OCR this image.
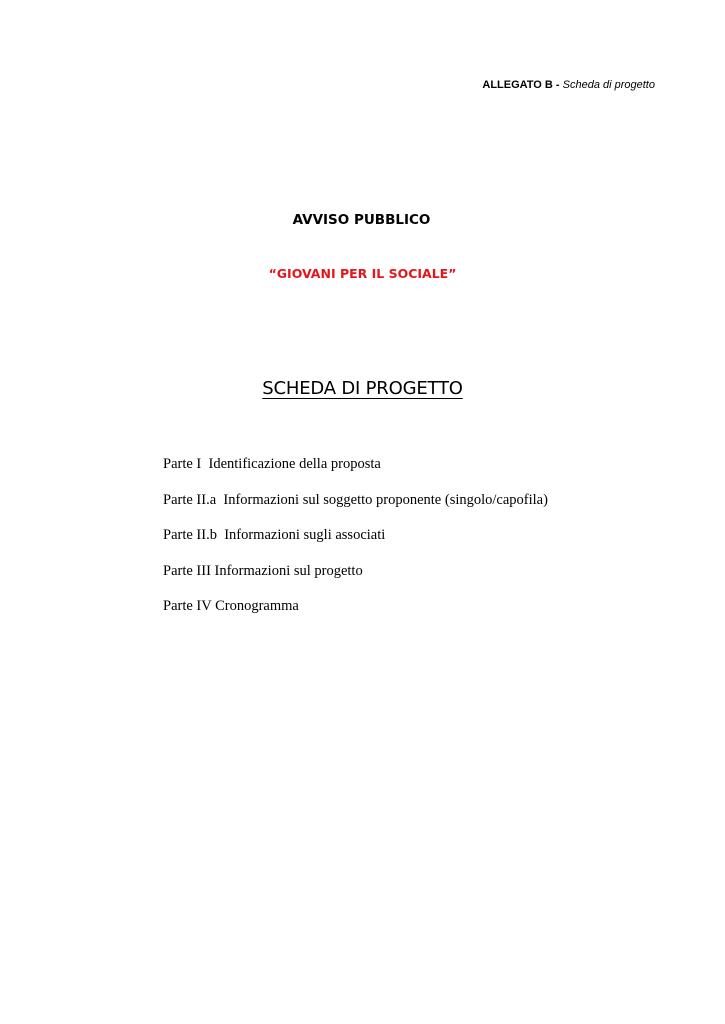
ALLEGATO B - Scheda di progetto
AVVISO PUBBLICO
“GIOVANI PER IL SOCIALE”
SCHEDA DI PROGETTO
Parte I  Identificazione della proposta
Parte II.a  Informazioni sul soggetto proponente (singolo/capofila)
Parte II.b  Informazioni sugli associati
Parte III Informazioni sul progetto
Parte IV Cronogramma
